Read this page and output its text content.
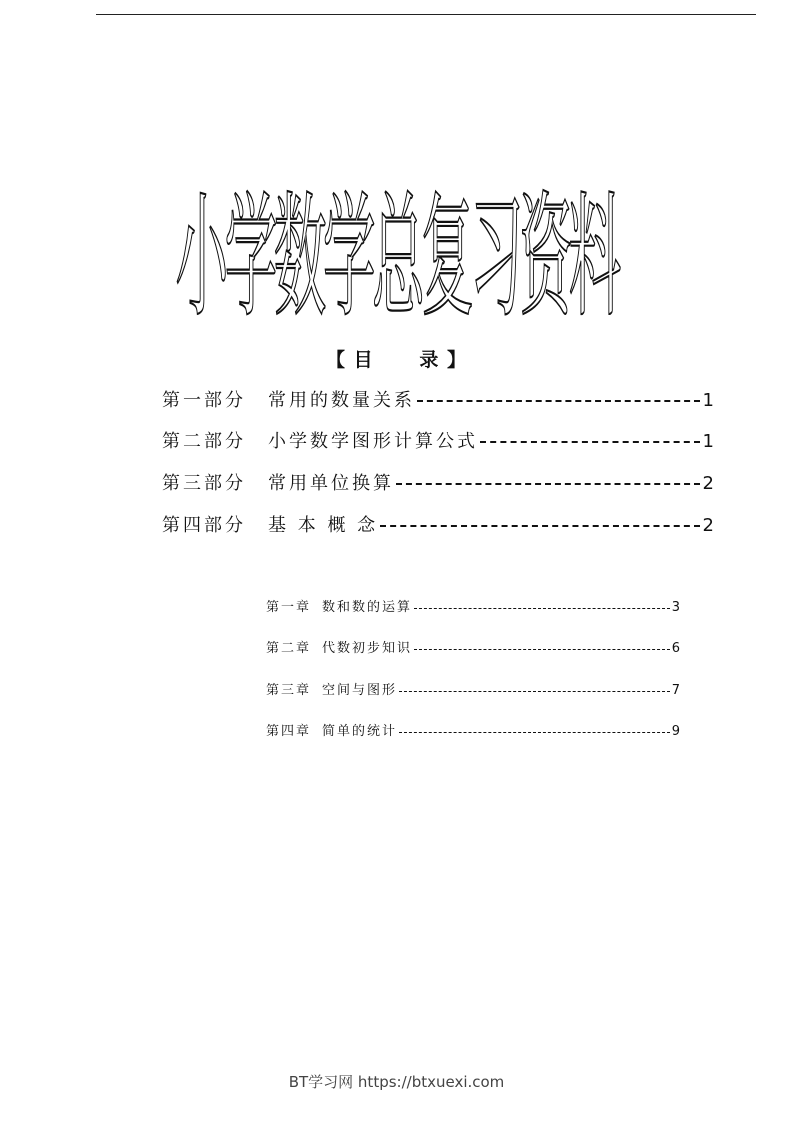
小学数学总复习资料
【 目      录 】
第一部分	常用的数量关系	1
第二部分	小学数学图形计算公式	1
第三部分	常用单位换算	2
第四部分	基 本 概 念	2
第一章 数和数的运算	3
第二章 代数初步知识	6
第三章 空间与图形	7
第四章 简单的统计	9
BT学习网 https://btxuexi.com
